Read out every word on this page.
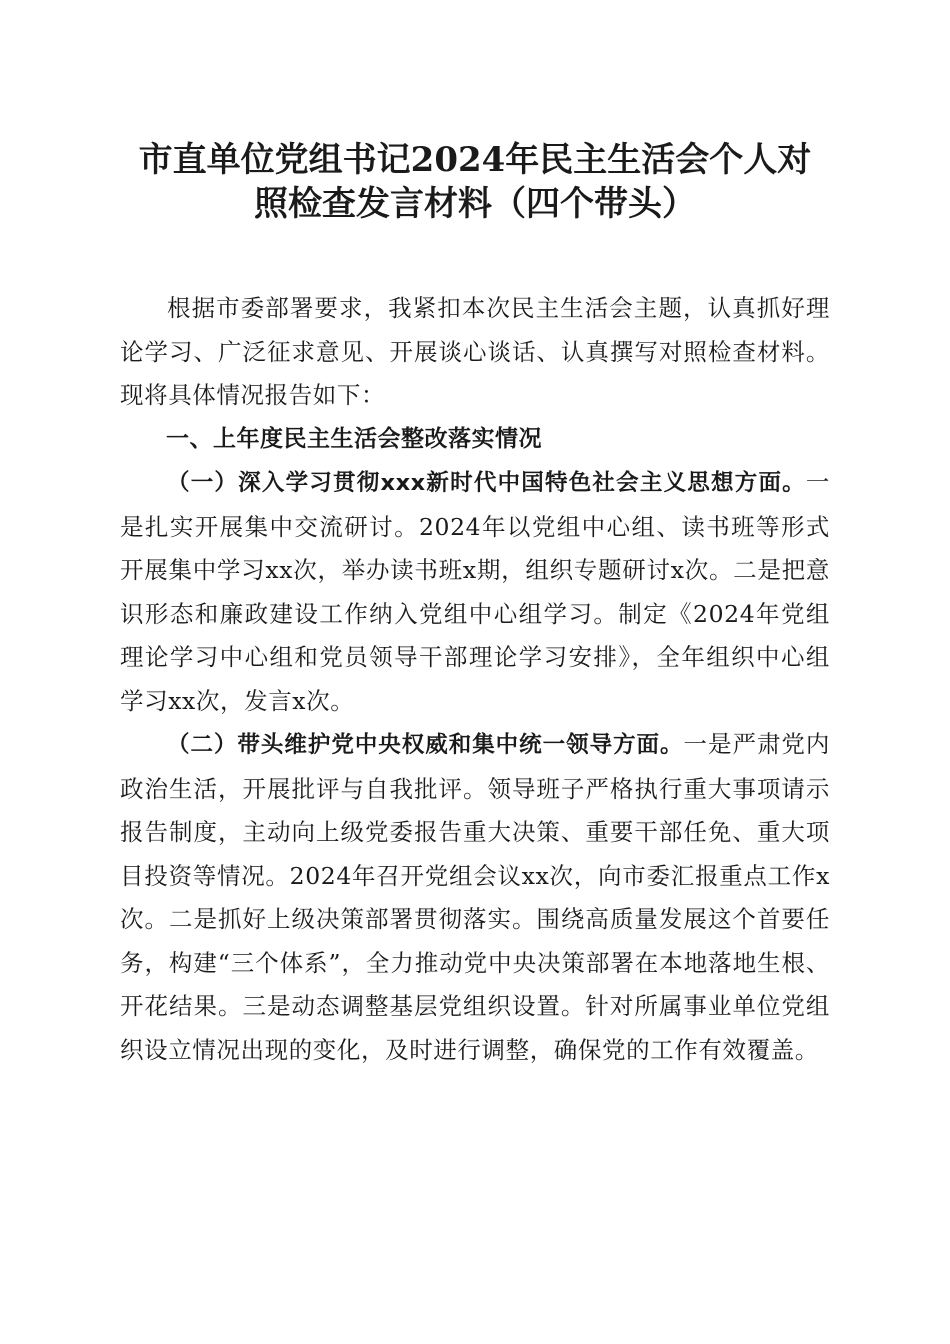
市直单位党组书记2024年民主生活会个人对
照检查发言材料（四个带头）

根据市委部署要求，我紧扣本次民主生活会主题，认真抓好理论学习、广泛征求意见、开展谈心谈话、认真撰写对照检查材料。现将具体情况报告如下：

一、上年度民主生活会整改落实情况

（一）深入学习贯彻xxx新时代中国特色社会主义思想方面。一是扎实开展集中交流研讨。2024年以党组中心组、读书班等形式开展集中学习xx次，举办读书班x期，组织专题研讨x次。二是把意识形态和廉政建设工作纳入党组中心组学习。制定《2024年党组理论学习中心组和党员领导干部理论学习安排》，全年组织中心组学习xx次，发言x次。

（二）带头维护党中央权威和集中统一领导方面。一是严肃党内政治生活，开展批评与自我批评。领导班子严格执行重大事项请示报告制度，主动向上级党委报告重大决策、重要干部任免、重大项目投资等情况。2024年召开党组会议xx次，向市委汇报重点工作x次。二是抓好上级决策部署贯彻落实。围绕高质量发展这个首要任务，构建“三个体系”，全力推动党中央决策部署在本地落地生根、开花结果。三是动态调整基层党组织设置。针对所属事业单位党组织设立情况出现的变化，及时进行调整，确保党的工作有效覆盖。
